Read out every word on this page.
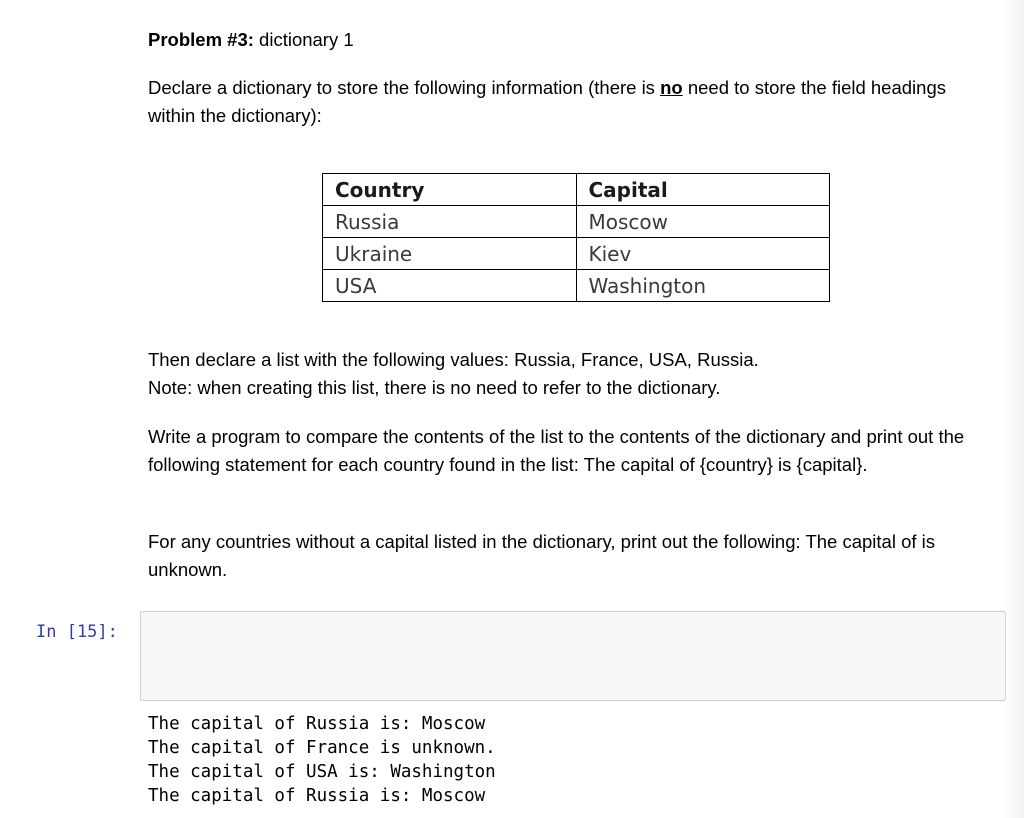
Problem #3: dictionary 1

Declare a dictionary to store the following information (there is no need to store the field headings within the dictionary):

Country	Capital
Russia	Moscow
Ukraine	Kiev
USA	Washington

Then declare a list with the following values: Russia, France, USA, Russia.

Note: when creating this list, there is no need to refer to the dictionary.

Write a program to compare the contents of the list to the contents of the dictionary and print out the following statement for each country found in the list: The capital of {country} is {capital}.

For any countries without a capital listed in the dictionary, print out the following: The capital of is unknown.

In [15]:
The capital of Russia is: Moscow
The capital of France is unknown.
The capital of USA is: Washington
The capital of Russia is: Moscow
